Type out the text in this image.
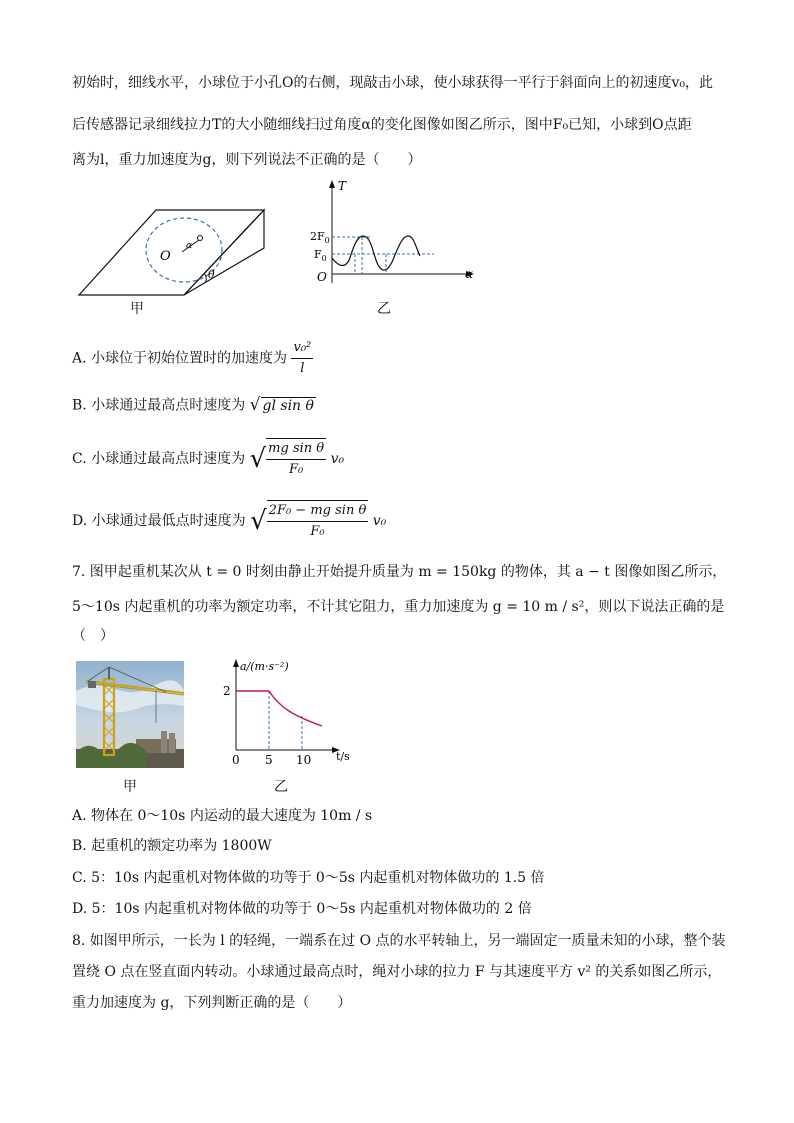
初始时，细线水平，小球位于小孔O的右侧，现敲击小球，使小球获得一平行于斜面向上的初速度v₀，此
后传感器记录细线拉力T的大小随细线扫过角度α的变化图像如图乙所示，图中F₀已知，小球到O点距
离为l，重力加速度为g，则下列说法不正确的是（　　）
O
α
θ
甲
T
α
O
$2F_0$
$F_0$
乙
A. 小球位于初始位置时的加速度为 $\frac{\text{v₀²}}{l}$
B. 小球通过最高点时速度为 √ gl sin θ
C. 小球通过最高点时速度为 √ $\frac{\text{mg sin θ}}{\text{F₀}} v_0$
D. 小球通过最低点时速度为 √ $\frac{\text{2F₀ − mg sin θ}}{\text{F₀}} v_0$
7. 图甲起重机某次从 t = 0 时刻由静止开始提升质量为 m = 150kg 的物体，其 a − t 图像如图乙所示，
5～10s 内起重机的功率为额定功率，不计其它阻力，重力加速度为 g = 10 m / s²，则以下说法正确的是
（　）
甲
a/(m·s⁻²)
t/s
2
0 5 10
乙
A. 物体在 0～10s 内运动的最大速度为 10m / s
B. 起重机的额定功率为 1800W
C. 5：10s 内起重机对物体做的功等于 0～5s 内起重机对物体做功的 1.5 倍
D. 5：10s 内起重机对物体做的功等于 0～5s 内起重机对物体做功的 2 倍
8. 如图甲所示，一长为 l 的轻绳，一端系在过 O 点的水平转轴上，另一端固定一质量未知的小球，整个装
置绕 O 点在竖直面内转动。小球通过最高点时，绳对小球的拉力 F 与其速度平方 v² 的关系如图乙所示，
重力加速度为 g，下列判断正确的是（　　）
